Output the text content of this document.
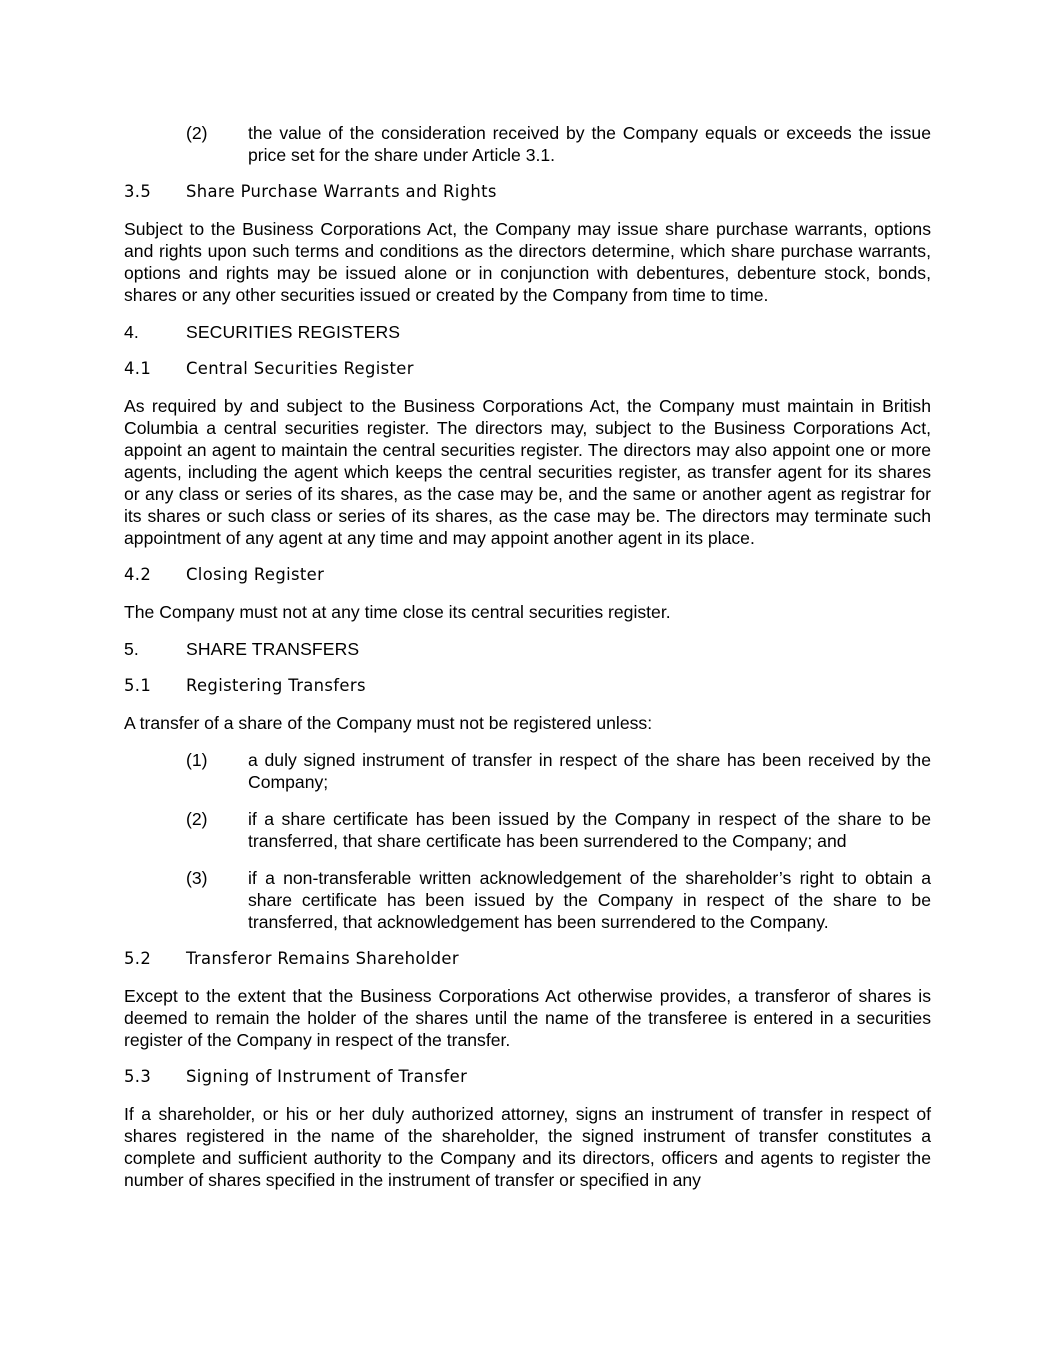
(2)	the value of the consideration received by the Company equals or exceeds the issue price set for the share under Article 3.1.
3.5	Share Purchase Warrants and Rights

Subject to the Business Corporations Act, the Company may issue share purchase warrants, options and rights upon such terms and conditions as the directors determine, which share purchase warrants, options and rights may be issued alone or in conjunction with debentures, debenture stock, bonds, shares or any other securities issued or created by the Company from time to time.

4.	SECURITIES REGISTERS
4.1	Central Securities Register

As required by and subject to the Business Corporations Act, the Company must maintain in British Columbia a central securities register. The directors may, subject to the Business Corporations Act, appoint an agent to maintain the central securities register. The directors may also appoint one or more agents, including the agent which keeps the central securities register, as transfer agent for its shares or any class or series of its shares, as the case may be, and the same or another agent as registrar for its shares or such class or series of its shares, as the case may be. The directors may terminate such appointment of any agent at any time and may appoint another agent in its place.

4.2	Closing Register

The Company must not at any time close its central securities register.

5.	SHARE TRANSFERS
5.1	Registering Transfers

A transfer of a share of the Company must not be registered unless:

(1)	a duly signed instrument of transfer in respect of the share has been received by the Company;
(2)	if a share certificate has been issued by the Company in respect of the share to be transferred, that share certificate has been surrendered to the Company; and
(3)	if a non-transferable written acknowledgement of the shareholder’s right to obtain a share certificate has been issued by the Company in respect of the share to be transferred, that acknowledgement has been surrendered to the Company.
5.2	Transferor Remains Shareholder

Except to the extent that the Business Corporations Act otherwise provides, a transferor of shares is deemed to remain the holder of the shares until the name of the transferee is entered in a securities register of the Company in respect of the transfer.

5.3	Signing of Instrument of Transfer

If a shareholder, or his or her duly authorized attorney, signs an instrument of transfer in respect of shares registered in the name of the shareholder, the signed instrument of transfer constitutes a complete and sufficient authority to the Company and its directors, officers and agents to register the number of shares specified in the instrument of transfer or specified in any
